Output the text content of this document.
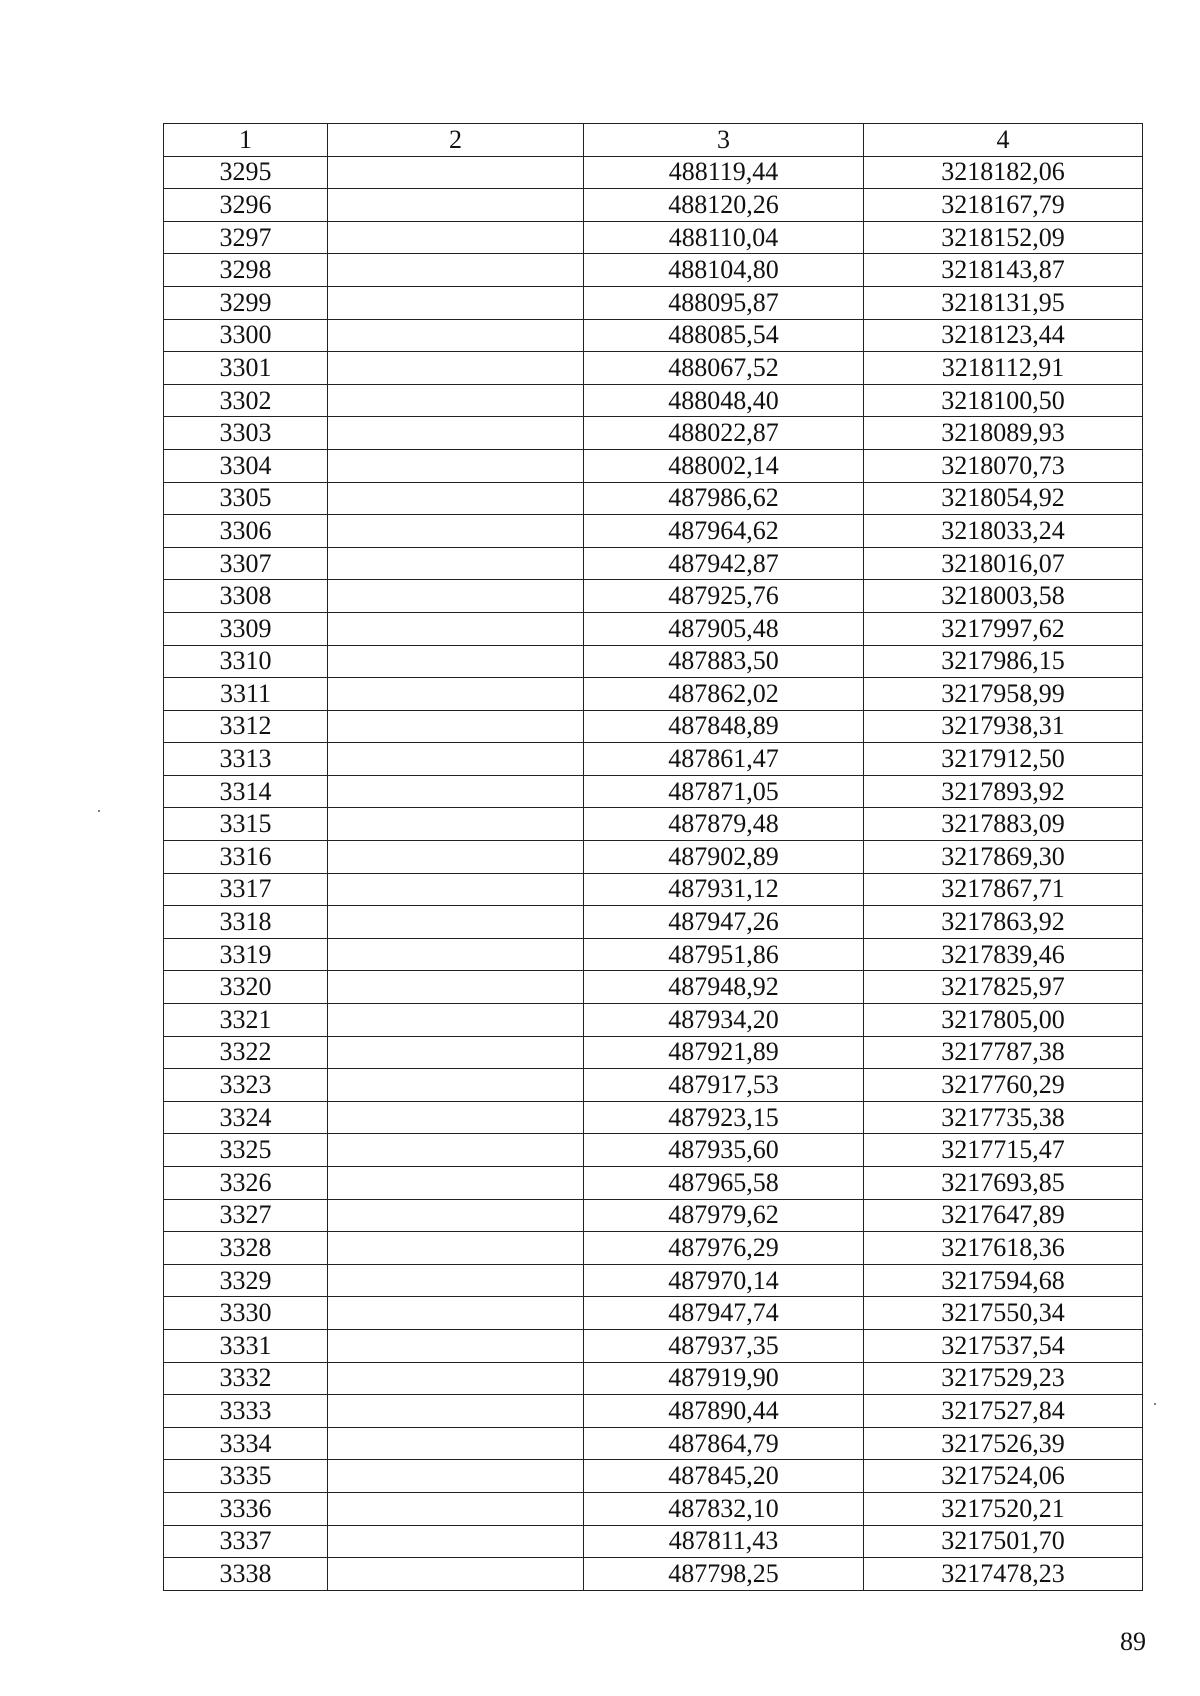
1	2	3	4
3295		488119,44	3218182,06
3296		488120,26	3218167,79
3297		488110,04	3218152,09
3298		488104,80	3218143,87
3299		488095,87	3218131,95
3300		488085,54	3218123,44
3301		488067,52	3218112,91
3302		488048,40	3218100,50
3303		488022,87	3218089,93
3304		488002,14	3218070,73
3305		487986,62	3218054,92
3306		487964,62	3218033,24
3307		487942,87	3218016,07
3308		487925,76	3218003,58
3309		487905,48	3217997,62
3310		487883,50	3217986,15
3311		487862,02	3217958,99
3312		487848,89	3217938,31
3313		487861,47	3217912,50
3314		487871,05	3217893,92
3315		487879,48	3217883,09
3316		487902,89	3217869,30
3317		487931,12	3217867,71
3318		487947,26	3217863,92
3319		487951,86	3217839,46
3320		487948,92	3217825,97
3321		487934,20	3217805,00
3322		487921,89	3217787,38
3323		487917,53	3217760,29
3324		487923,15	3217735,38
3325		487935,60	3217715,47
3326		487965,58	3217693,85
3327		487979,62	3217647,89
3328		487976,29	3217618,36
3329		487970,14	3217594,68
3330		487947,74	3217550,34
3331		487937,35	3217537,54
3332		487919,90	3217529,23
3333		487890,44	3217527,84
3334		487864,79	3217526,39
3335		487845,20	3217524,06
3336		487832,10	3217520,21
3337		487811,43	3217501,70
3338		487798,25	3217478,23
89
